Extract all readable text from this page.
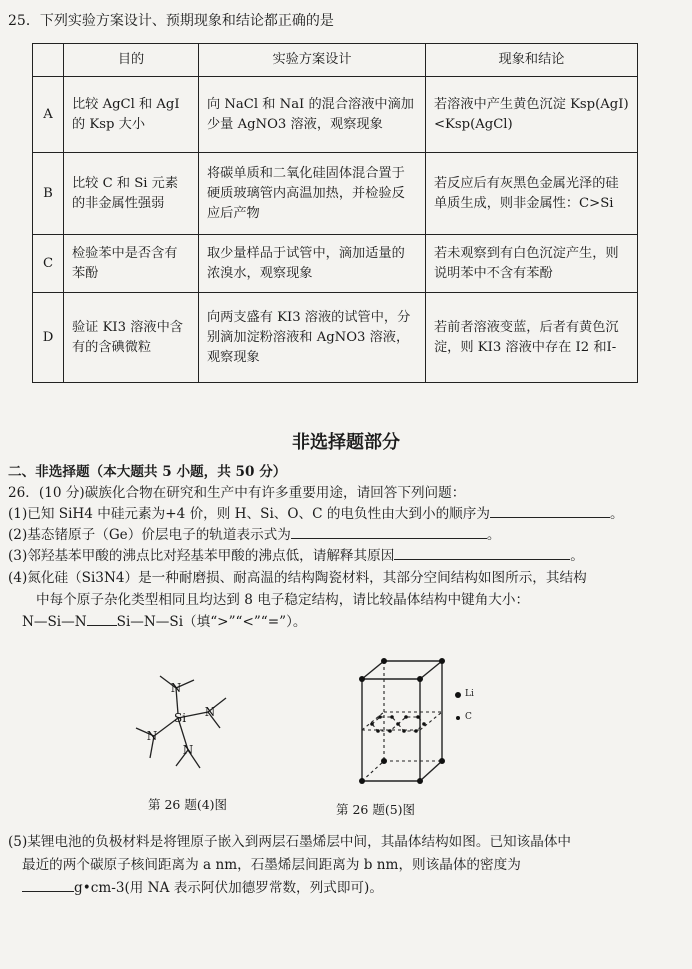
25．下列实验方案设计、预期现象和结论都正确的是
	目的	实验方案设计	现象和结论
A	比较 AgCl 和 AgI 的 Ksp 大小	向 NaCl 和 NaI 的混合溶液中滴加少量 AgNO3 溶液，观察现象	若溶液中产生黄色沉淀 Ksp(AgI)<Ksp(AgCl)
B	比较 C 和 Si 元素的非金属性强弱	将碳单质和二氧化硅固体混合置于硬质玻璃管内高温加热，并检验反应后产物	若反应后有灰黑色金属光泽的硅单质生成，则非金属性：C>Si
C	检验苯中是否含有苯酚	取少量样品于试管中，滴加适量的浓溴水，观察现象	若未观察到有白色沉淀产生，则说明苯中不含有苯酚
D	验证 KI3 溶液中含有的含碘微粒	向两支盛有 KI3 溶液的试管中，分别滴加淀粉溶液和 AgNO3 溶液，观察现象	若前者溶液变蓝，后者有黄色沉淀，则 KI3 溶液中存在 I2 和I-
非选择题部分
二、非选择题（本大题共 5 小题，共 50 分）
26．(10 分)碳族化合物在研究和生产中有许多重要用途，请回答下列问题：
(1)已知 SiH4 中硅元素为+4 价，则 H、Si、O、C 的电负性由大到小的顺序为	。
(2)基态锗原子（Ge）价层电子的轨道表示式为	。
(3)邻羟基苯甲酸的沸点比对羟基苯甲酸的沸点低，请解释其原因	。
(4)氮化硅（Si3N4）是一种耐磨损、耐高温的结构陶瓷材料，其部分空间结构如图所示，其结构
中每个原子杂化类型相同且均达到 8 电子稳定结构，请比较晶体结构中键角大小：
N—Si—N Si—N—Si（填“>”“<”“=”）。
N
Si N
N
N
Li
C
第 26 题(4)图	第 26 题(5)图
(5)某锂电池的负极材料是将锂原子嵌入到两层石墨烯层中间，其晶体结构如图。已知该晶体中
最近的两个碳原子核间距离为 a nm，石墨烯层间距离为 b nm，则该晶体的密度为
g•cm-3(用 NA 表示阿伏加德罗常数，列式即可)。
